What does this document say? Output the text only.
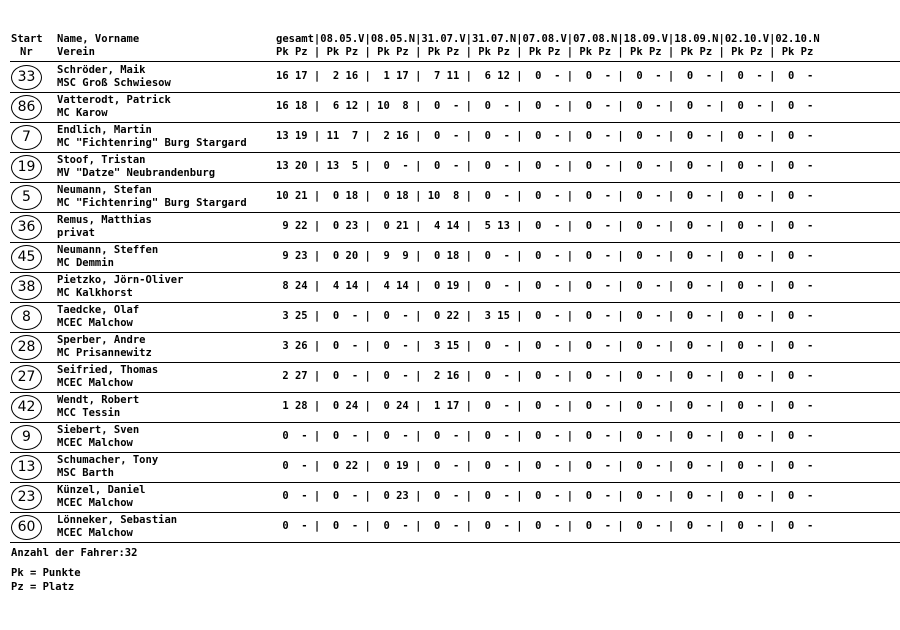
Start
Nr
Name, Vorname
Verein
gesamt|08.05.V|08.05.N|31.07.V|31.07.N|07.08.V|07.08.N|18.09.V|18.09.N|02.10.V|02.10.N
Pk Pz | Pk Pz | Pk Pz | Pk Pz | Pk Pz | Pk Pz | Pk Pz | Pk Pz | Pk Pz | Pk Pz | Pk Pz
33	Schröder, Maik
MSC Groß Schwiesow
16 17 |  2 16 |  1 17 |  7 11 |  6 12 |  0  - |  0  - |  0  - |  0  - |  0  - |  0  -
86	Vatterodt, Patrick
MC Karow
16 18 |  6 12 | 10  8 |  0  - |  0  - |  0  - |  0  - |  0  - |  0  - |  0  - |  0  -
7	Endlich, Martin
MC "Fichtenring" Burg Stargard
13 19 | 11  7 |  2 16 |  0  - |  0  - |  0  - |  0  - |  0  - |  0  - |  0  - |  0  -
19	Stoof, Tristan
MV "Datze" Neubrandenburg
13 20 | 13  5 |  0  - |  0  - |  0  - |  0  - |  0  - |  0  - |  0  - |  0  - |  0  -
5	Neumann, Stefan
MC "Fichtenring" Burg Stargard
10 21 |  0 18 |  0 18 | 10  8 |  0  - |  0  - |  0  - |  0  - |  0  - |  0  - |  0  -
36	Remus, Matthias
privat
9 22 |  0 23 |  0 21 |  4 14 |  5 13 |  0  - |  0  - |  0  - |  0  - |  0  - |  0  -
45	Neumann, Steffen
MC Demmin
9 23 |  0 20 |  9  9 |  0 18 |  0  - |  0  - |  0  - |  0  - |  0  - |  0  - |  0  -
38	Pietzko, Jörn-Oliver
MC Kalkhorst
8 24 |  4 14 |  4 14 |  0 19 |  0  - |  0  - |  0  - |  0  - |  0  - |  0  - |  0  -
8	Taedcke, Olaf
MCEC Malchow
3 25 |  0  - |  0  - |  0 22 |  3 15 |  0  - |  0  - |  0  - |  0  - |  0  - |  0  -
28	Sperber, Andre
MC Prisannewitz
3 26 |  0  - |  0  - |  3 15 |  0  - |  0  - |  0  - |  0  - |  0  - |  0  - |  0  -
27	Seifried, Thomas
MCEC Malchow
2 27 |  0  - |  0  - |  2 16 |  0  - |  0  - |  0  - |  0  - |  0  - |  0  - |  0  -
42	Wendt, Robert
MCC Tessin
1 28 |  0 24 |  0 24 |  1 17 |  0  - |  0  - |  0  - |  0  - |  0  - |  0  - |  0  -
9	Siebert, Sven
MCEC Malchow
0  - |  0  - |  0  - |  0  - |  0  - |  0  - |  0  - |  0  - |  0  - |  0  - |  0  -
13	Schumacher, Tony
MSC Barth
0  - |  0 22 |  0 19 |  0  - |  0  - |  0  - |  0  - |  0  - |  0  - |  0  - |  0  -
23	Künzel, Daniel
MCEC Malchow
0  - |  0  - |  0 23 |  0  - |  0  - |  0  - |  0  - |  0  - |  0  - |  0  - |  0  -
60	Lönneker, Sebastian
MCEC Malchow
0  - |  0  - |  0  - |  0  - |  0  - |  0  - |  0  - |  0  - |  0  - |  0  - |  0  -
Anzahl der Fahrer:32
Pk = Punkte
Pz = Platz
